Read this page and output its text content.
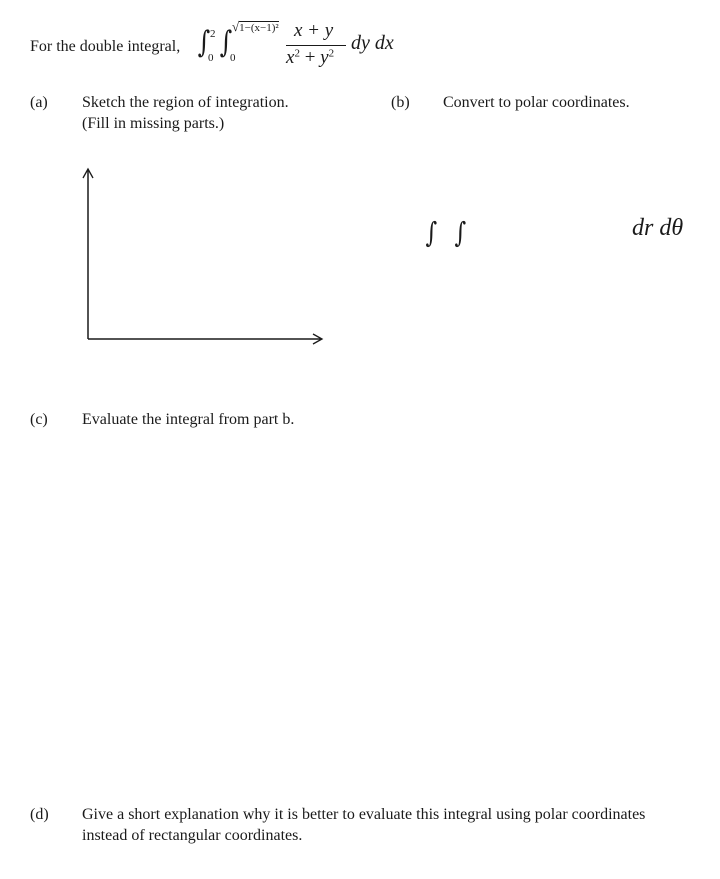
For the double integral, ∫ 2
0 ∫
0
√1−(x−1)² x + y
$x^2 + y^2$ dy dx
(a) Sketch the region of integration.
(Fill in missing parts.)
(b) Convert to polar coordinates.
∫ ∫	dr dθ
(c) Evaluate the integral from part b.
(d) Give a short explanation why it is better to evaluate this integral using polar coordinates
instead of rectangular coordinates.
